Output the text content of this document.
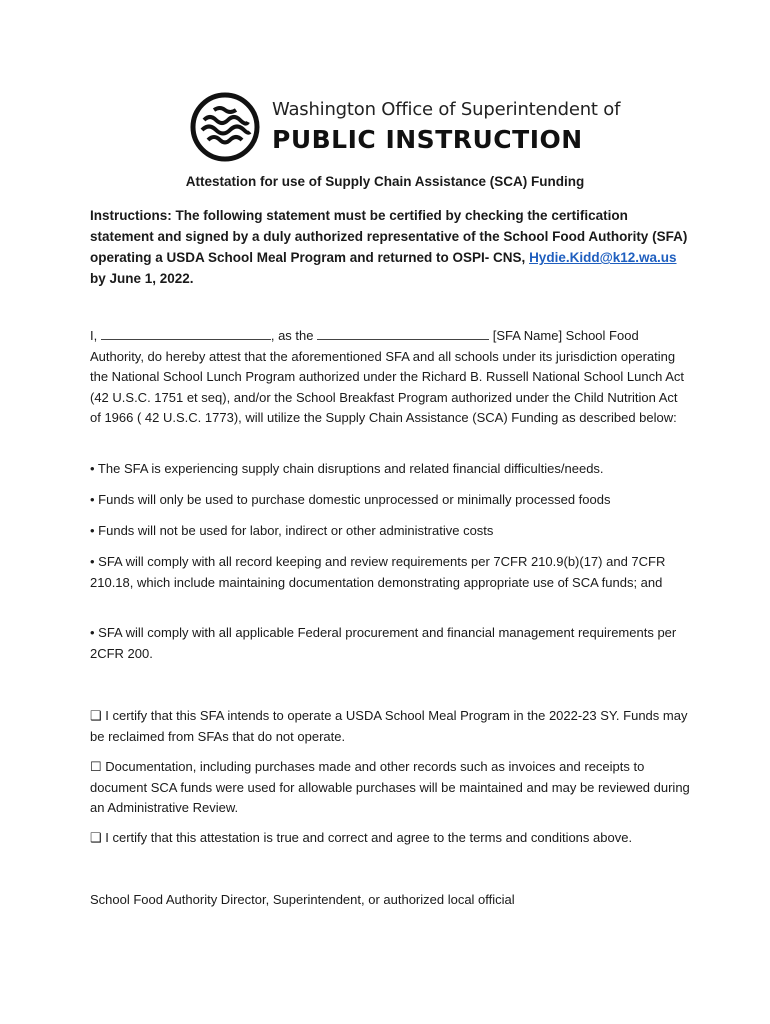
Washington Office of Superintendent of
PUBLIC INSTRUCTION
Attestation for use of Supply Chain Assistance (SCA) Funding
Instructions: The following statement must be certified by checking the certification statement and signed by a duly authorized representative of the School Food Authority (SFA) operating a USDA School Meal Program and returned to OSPI- CNS, Hydie.Kidd@k12.wa.us by June 1, 2022.
I,	, as the	[SFA Name] School Food Authority, do hereby attest that the aforementioned SFA and all schools under its jurisdiction operating the National School Lunch Program authorized under the Richard B. Russell National School Lunch Act (42 U.S.C. 1751 et seq), and/or the School Breakfast Program authorized under the Child Nutrition Act of 1966 ( 42 U.S.C. 1773), will utilize the Supply Chain Assistance (SCA) Funding as described below:

• The SFA is experiencing supply chain disruptions and related financial difficulties/needs.

• Funds will only be used to purchase domestic unprocessed or minimally processed foods

• Funds will not be used for labor, indirect or other administrative costs

• SFA will comply with all record keeping and review requirements per 7CFR 210.9(b)(17) and 7CFR 210.18, which include maintaining documentation demonstrating appropriate use of SCA funds; and

• SFA will comply with all applicable Federal procurement and financial management requirements per 2CFR 200.

❑ I certify that this SFA intends to operate a USDA School Meal Program in the 2022-23 SY. Funds may be reclaimed from SFAs that do not operate.
☐ Documentation, including purchases made and other records such as invoices and receipts to document SCA funds were used for allowable purchases will be maintained and may be reviewed during an Administrative Review.
❑ I certify that this attestation is true and correct and agree to the terms and conditions above.
School Food Authority Director, Superintendent, or authorized local official
